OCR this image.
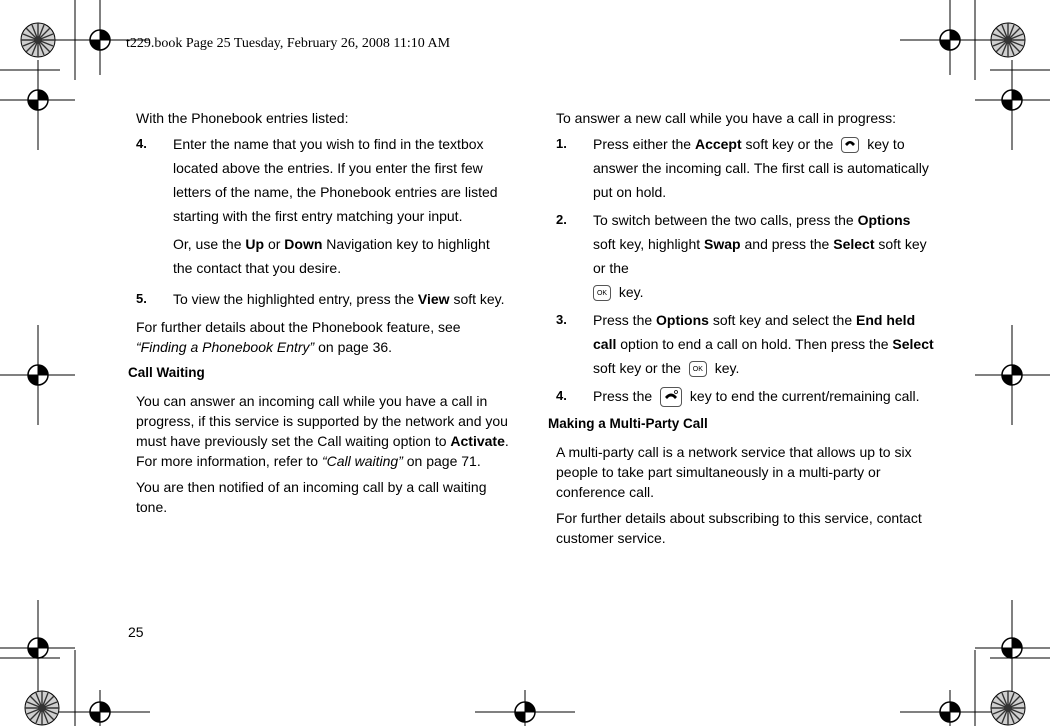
t229.book Page 25 Tuesday, February 26, 2008 11:10 AM

With the Phonebook entries listed:

4. Enter the name that you wish to find in the textbox located above the entries. If you enter the first few letters of the name, the Phonebook entries are listed starting with the first entry matching your input.

Or, use the Up or Down Navigation key to highlight the contact that you desire.

5. To view the highlighted entry, press the View soft key.

For further details about the Phonebook feature, see “Finding a Phonebook Entry” on page 36.

Call Waiting

You can answer an incoming call while you have a call in progress, if this service is supported by the network and you must have previously set the Call waiting option to Activate. For more information, refer to “Call waiting” on page 71.

You are then notified of an incoming call by a call waiting tone.

To answer a new call while you have a call in progress:

1. Press either the Accept soft key or the key to answer the incoming call. The first call is automatically put on hold.

2. To switch between the two calls, press the Options soft key, highlight Swap and press the Select soft key or the
OK key.

3. Press the Options soft key and select the End held call option to end a call on hold. Then press the Select soft key or the OK key.

4. Press the	key to end the current/remaining call.

Making a Multi-Party Call

A multi-party call is a network service that allows up to six people to take part simultaneously in a multi-party or conference call.

For further details about subscribing to this service, contact customer service.

25
